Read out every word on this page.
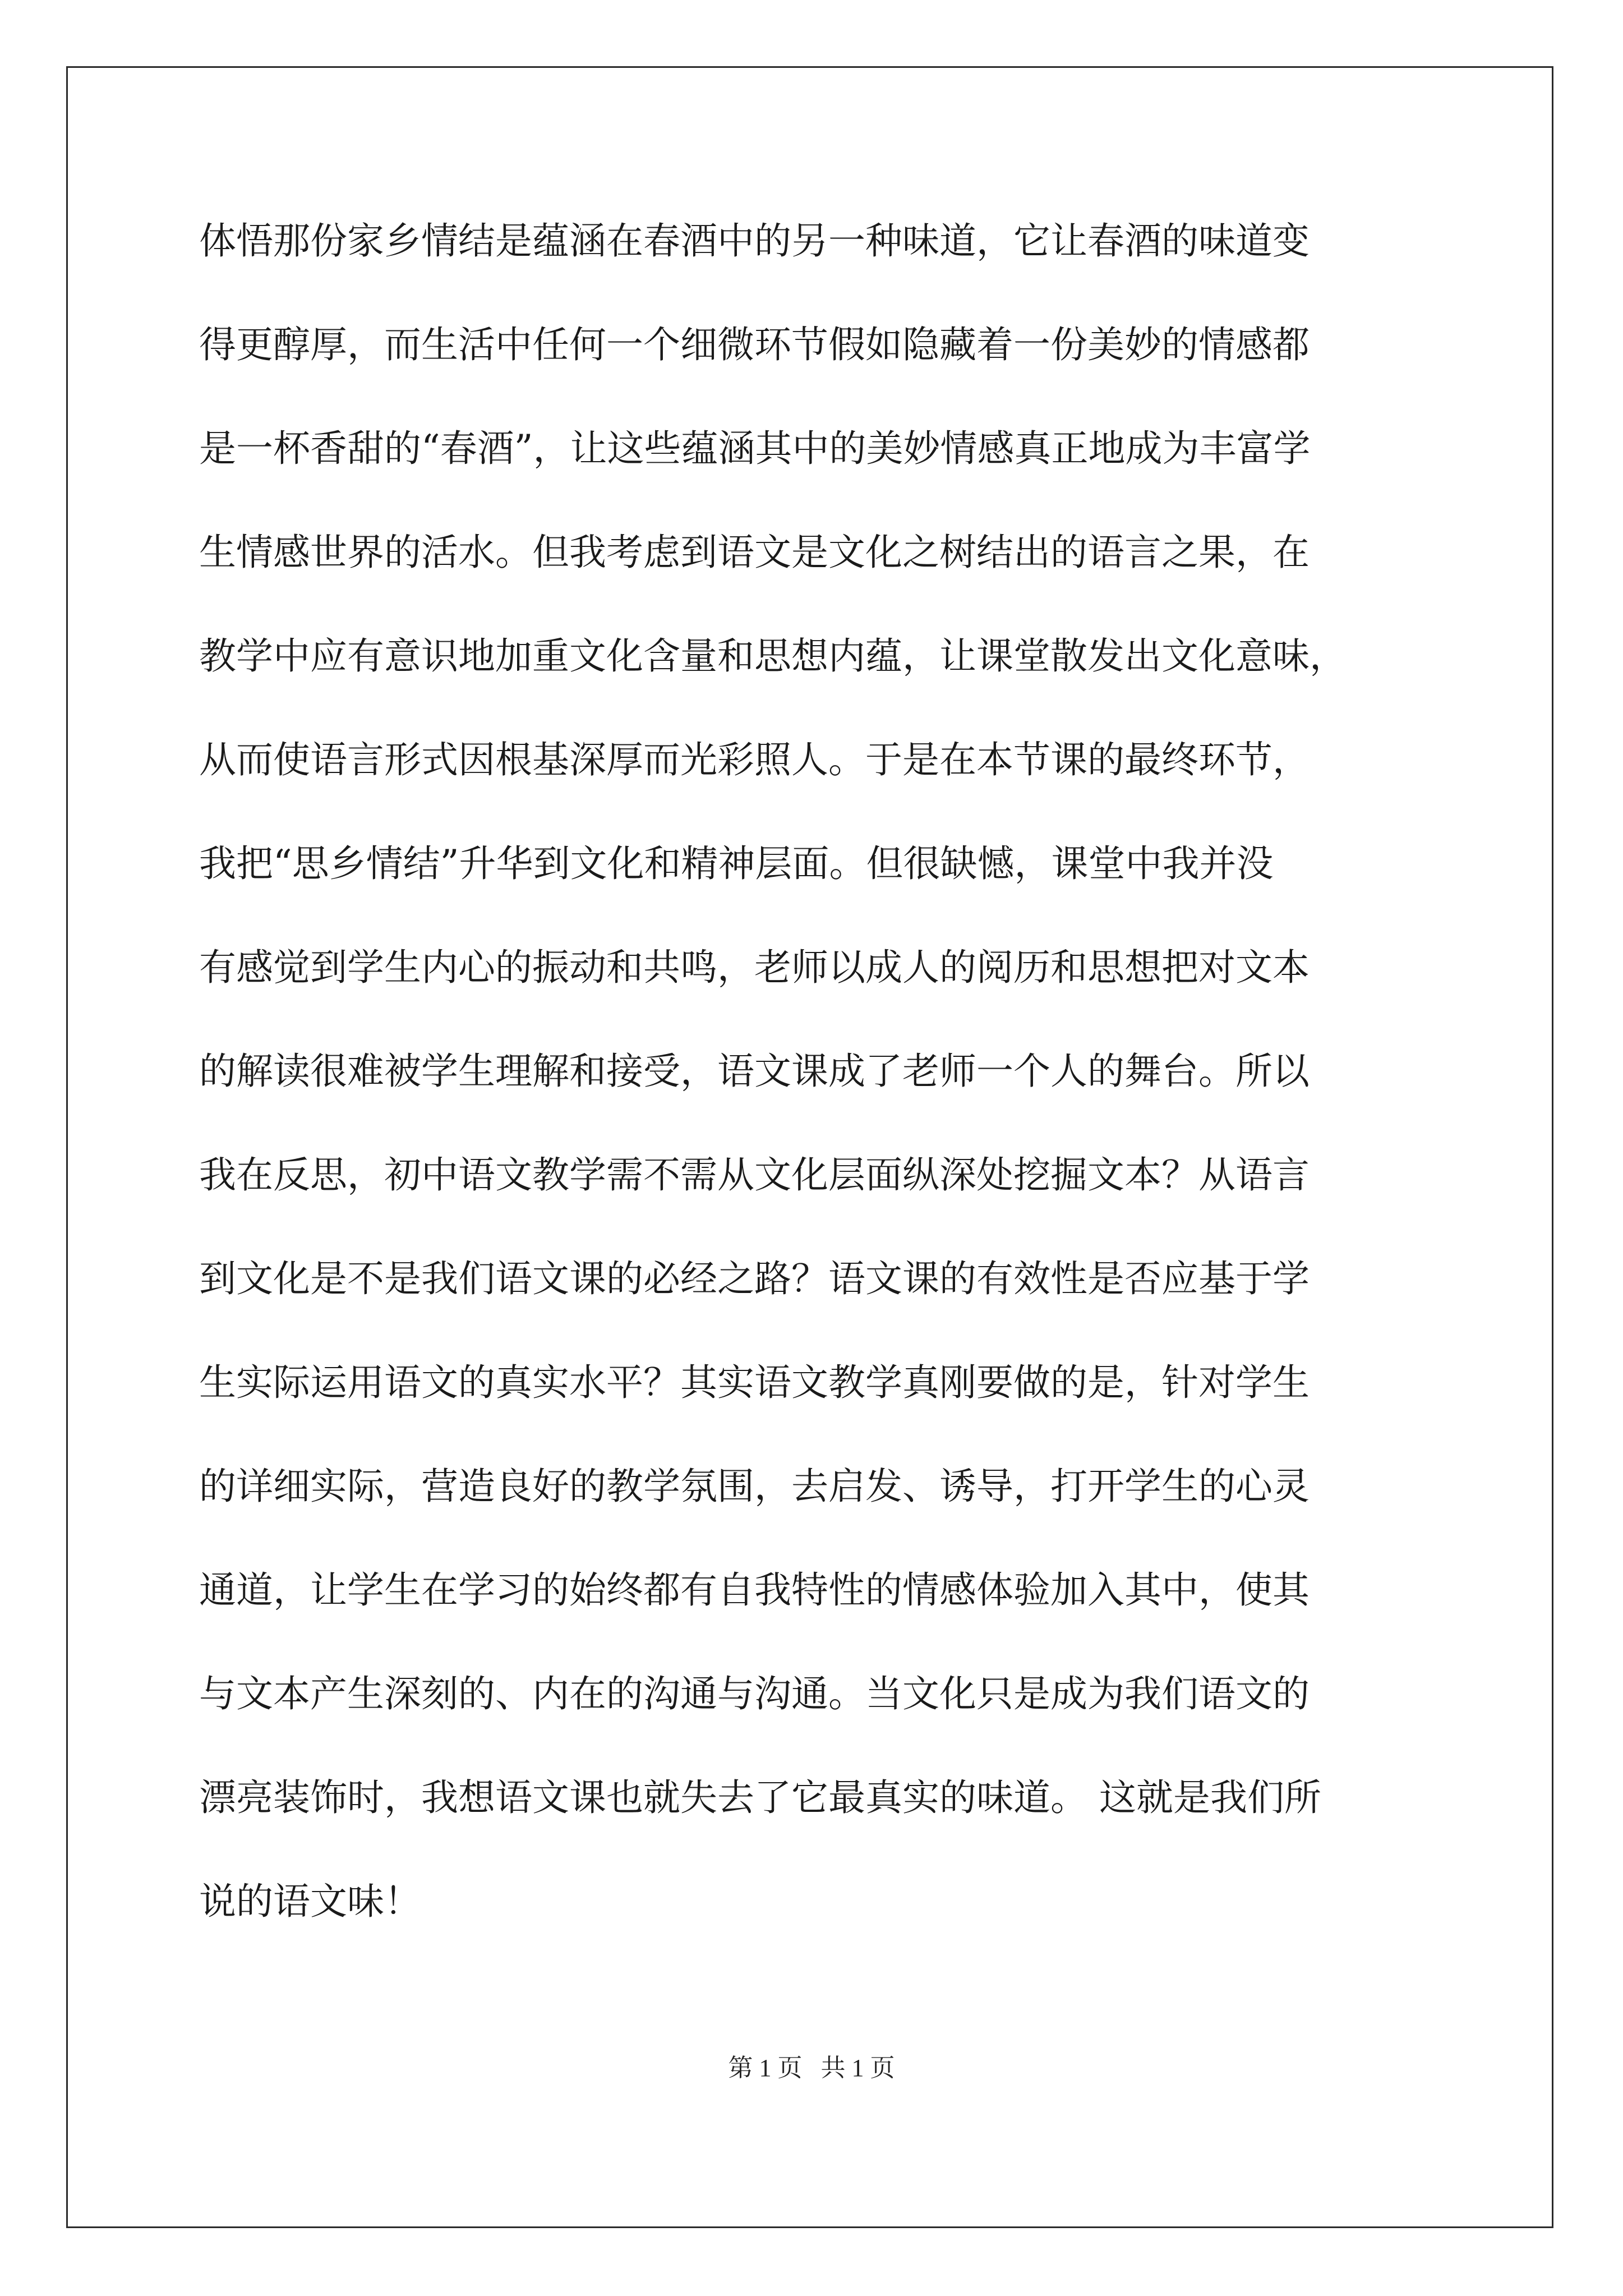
体悟那份家乡情结是蕴涵在春酒中的另一种味道，它让春酒的味道变
得更醇厚，而生活中任何一个细微环节假如隐藏着一份美妙的情感都
是一杯香甜的“春酒”，让这些蕴涵其中的美妙情感真正地成为丰富学
生情感世界的活水。但我考虑到语文是文化之树结出的语言之果，在
教学中应有意识地加重文化含量和思想内蕴，让课堂散发出文化意味，
从而使语言形式因根基深厚而光彩照人。于是在本节课的最终环节，
我把“思乡情结”升华到文化和精神层面。但很缺憾，课堂中我并没
有感觉到学生内心的振动和共鸣，老师以成人的阅历和思想把对文本
的解读很难被学生理解和接受，语文课成了老师一个人的舞台。所以
我在反思，初中语文教学需不需从文化层面纵深处挖掘文本？从语言
到文化是不是我们语文课的必经之路？语文课的有效性是否应基于学
生实际运用语文的真实水平？其实语文教学真刚要做的是，针对学生
的详细实际，营造良好的教学氛围，去启发、诱导，打开学生的心灵
通道，让学生在学习的始终都有自我特性的情感体验加入其中，使其
与文本产生深刻的、内在的沟通与沟通。当文化只是成为我们语文的
漂亮装饰时，我想语文课也就失去了它最真实的味道。 这就是我们所
说的语文味！
第 1 页   共 1 页
